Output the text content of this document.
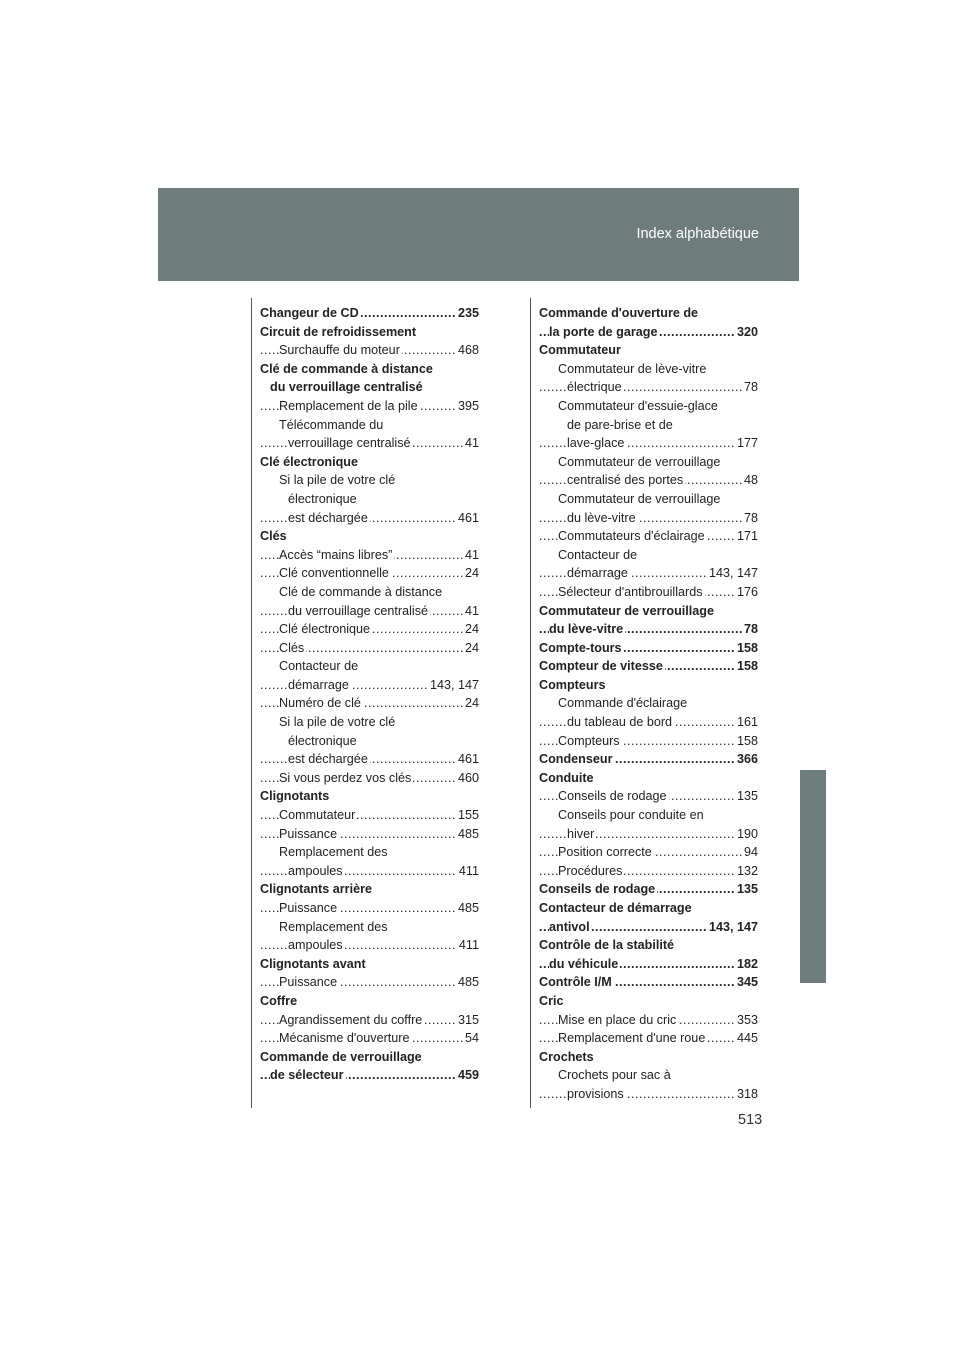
Index alphabétique
Changeur de CD	235
.....
Circuit de refroidissement
Surchauffe du moteur	468
.....
Clé de commande à distance
du verrouillage centralisé
Remplacement de la pile	395
.....
Télécommande du
verrouillage centralisé	41
.....
Clé électronique
Si la pile de votre clé
électronique
est déchargée	461
.....
Clés
Accès “mains libres”	41
.....
Clé conventionnelle	24
.....
Clé de commande à distance
du verrouillage centralisé	41
.....
Clé électronique	24
.....
Clés	24
.....
Contacteur de
démarrage	143, 147
.....
Numéro de clé	24
.....
Si la pile de votre clé
électronique
est déchargée	461
.....
Si vous perdez vos clés	460
.....
Clignotants
Commutateur	155
.....
Puissance	485
.....
Remplacement des
ampoules	411
.....
Clignotants arrière
Puissance	485
.....
Remplacement des
ampoules	411
.....
Clignotants avant
Puissance	485
.....
Coffre
Agrandissement du coffre	315
.....
Mécanisme d'ouverture	54
.....
Commande de verrouillage
de sélecteur	459
.....
Commande d'ouverture de
la porte de garage	320
.....
Commutateur
Commutateur de lève-vitre
électrique	78
.....
Commutateur d'essuie-glace
de pare-brise et de
lave-glace	177
.....
Commutateur de verrouillage
centralisé des portes	48
.....
Commutateur de verrouillage
du lève-vitre	78
.....
Commutateurs d'éclairage	171
.....
Contacteur de
démarrage	143, 147
.....
Sélecteur d'antibrouillards	176
.....
Commutateur de verrouillage
du lève-vitre	78
.....
Compte-tours	158
.....
Compteur de vitesse	158
.....
Compteurs
Commande d'éclairage
du tableau de bord	161
.....
Compteurs	158
.....
Condenseur	366
.....
Conduite
Conseils de rodage	135
.....
Conseils pour conduite en
hiver	190
.....
Position correcte	94
.....
Procédures	132
.....
Conseils de rodage	135
.....
Contacteur de démarrage
antivol	143, 147
.....
Contrôle de la stabilité
du véhicule	182
.....
Contrôle I/M	345
.....
Cric
Mise en place du cric	353
.....
Remplacement d'une roue	445
.....
Crochets
Crochets pour sac à
provisions	318
.....
513
